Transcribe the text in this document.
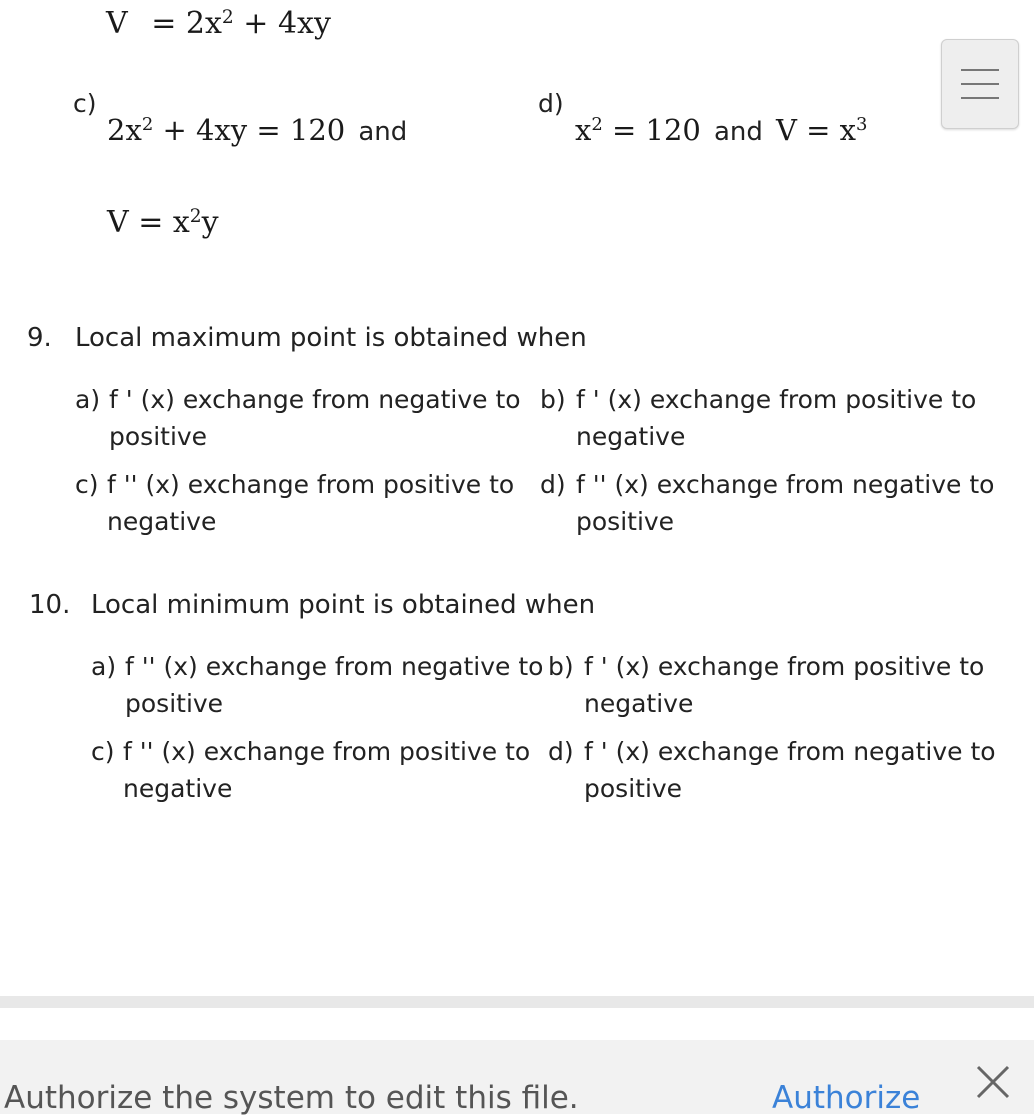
$V = 2x^2 + 4xy$
c)
$2x^2 + 4xy = 120$ and
$V = x^2y$
d)
$x^2 = 120$ and $V = x^3$
9. Local maximum point is obtained when
a) f ' (x) exchange from negative to
positive
b) f ' (x) exchange from positive to
negative
c) f '' (x) exchange from positive to
negative
d) f '' (x) exchange from negative to
positive
10. Local minimum point is obtained when
a) f '' (x) exchange from negative to
positive
b) f ' (x) exchange from positive to
negative
c) f '' (x) exchange from positive to
negative
d) f ' (x) exchange from negative to
positive
Authorize the system to edit this file.	Authorize
